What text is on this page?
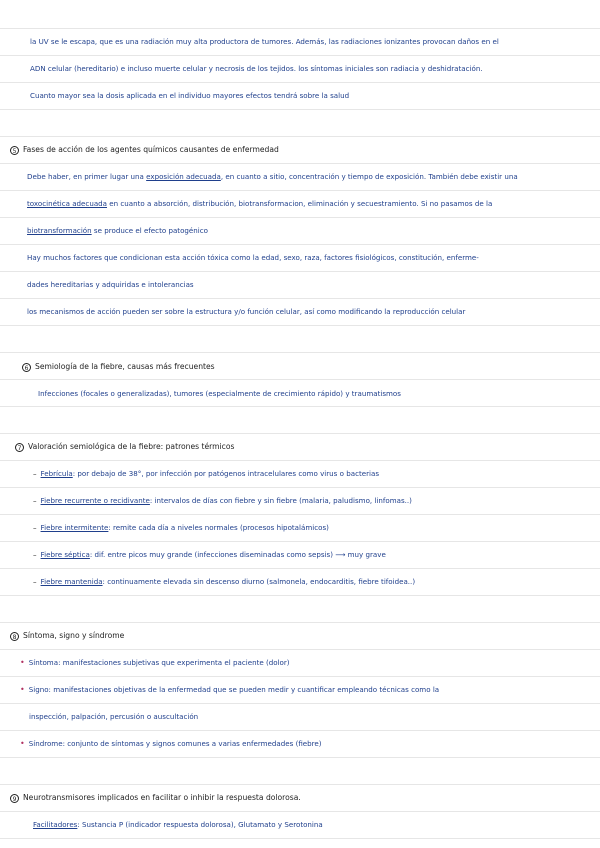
la UV se le escapa, que es una radiación muy alta productora de tumores. Además, las radiaciones ionizantes provocan daños en el
ADN celular (hereditario) e incluso muerte celular y necrosis de los tejidos. los síntomas iniciales son radiacia y deshidratación.
Cuanto mayor sea la dosis aplicada en el individuo mayores efectos tendrá sobre la salud
5 Fases de acción de los agentes químicos causantes de enfermedad
Debe haber, en primer lugar una exposición adecuada, en cuanto a sitio, concentración y tiempo de exposición. También debe existir una
toxocinética adecuada en cuanto a absorción, distribución, biotransformacion, eliminación y secuestramiento. Si no pasamos de la
biotransformación se produce el efecto patogénico
Hay muchos factores que condicionan esta acción tóxica como la edad, sexo, raza, factores fisiológicos, constitución, enferme-
dades hereditarias y adquiridas e intolerancias
los mecanismos de acción pueden ser sobre la estructura y/o función celular, así como modificando la reproducción celular
6 Semiología de la fiebre, causas más frecuentes
Infecciones (focales o generalizadas), tumores (especialmente de crecimiento rápido) y traumatismos
7 Valoración semiológica de la fiebre: patrones térmicos
– Febrícula: por debajo de 38°, por infección por patógenos intracelulares como virus o bacterias
– Fiebre recurrente o recidivante: intervalos de días con fiebre y sin fiebre (malaria, paludismo, linfomas..)
– Fiebre intermitente: remite cada día a niveles normales (procesos hipotalámicos)
– Fiebre séptica: dif. entre picos muy grande (infecciones diseminadas como sepsis) ⟶ muy grave
– Fiebre mantenida: continuamente elevada sin descenso diurno (salmonela, endocarditis, fiebre tifoidea..)
8 Síntoma, signo y síndrome
• Síntoma: manifestaciones subjetivas que experimenta el paciente (dolor)
• Signo: manifestaciones objetivas de la enfermedad que se pueden medir y cuantificar empleando técnicas como la
inspección, palpación, percusión o auscultación
• Síndrome: conjunto de síntomas y signos comunes a varias enfermedades (fiebre)
9 Neurotransmisores implicados en facilitar o inhibir la respuesta dolorosa.
Facilitadores: Sustancia P (indicador respuesta dolorosa), Glutamato y Serotonina
